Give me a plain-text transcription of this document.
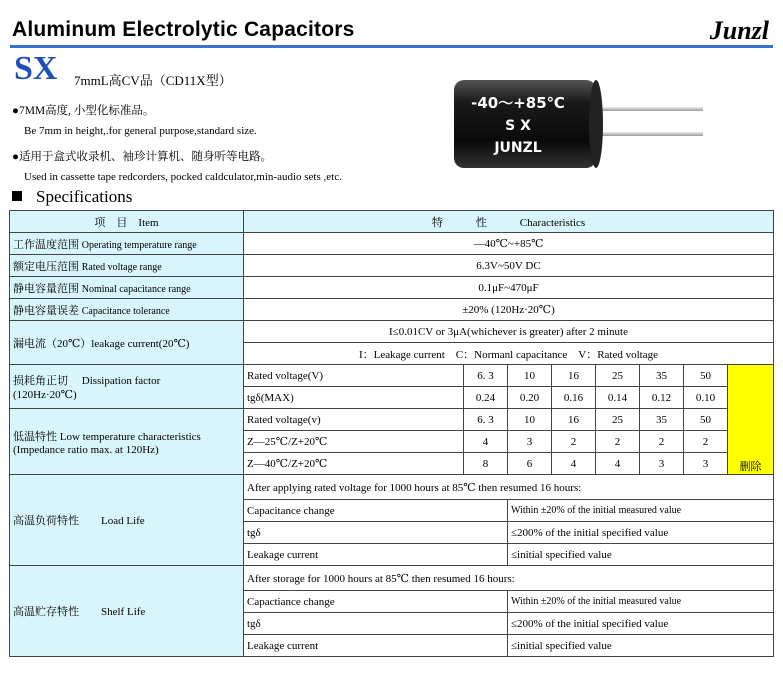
Aluminum Electrolytic Capacitors	Junzl
SX 7mmL高CV品（CD11X型）
●7MM高度, 小型化标准品。
Be 7mm in height,.for general purpose,standard size.
●适用于盒式收录机、袖珍计算机、随身听等电路。
Used in cassette tape redcorders, pocked caldculator,min-audio sets ,etc.
-40～+85℃
S X
JUNZL
Specifications
项　目　Item	特　　　性　　　Characteristics							
工作温度范围 Operating temperature range	—40℃~+85℃							
额定电压范围 Rated voltage range	6.3V~50V DC							
静电容量范围 Nominal capacitance range	0.1μF~470μF							
静电容量误差 Capacitance tolerance	±20% (120Hz·20℃)							
漏电流（20℃）leakage current(20℃)	I≤0.01CV or 3μA(whichever is greater) after 2 minute							
	I：Leakage current　C：Normanl capacitance　V：Rated voltage							
损耗角正切　 Dissipation factor
(120Hz·20℃)	Rated voltage(V)	6. 3	10	16	25	35	50	删除
	tgδ(MAX)	0.24	0.20	0.16	0.14	0.12	0.10	
低温特性 Low temperature characteristics
(Impedance ratio max. at 120Hz)	Rated voltage(v)	6. 3	10	16	25	35	50	
	Z—25℃/Z+20℃	4	3	2	2	2	2	
	Z—40℃/Z+20℃	8	6	4	4	3	3	
高温负荷特性　　Load Life	After applying rated voltage for 1000 hours at 85℃ then resumed 16 hours:							
	Capacitance change		Within ±20% of the initial measured value					
	tgδ		≤200% of the initial specified value					
	Leakage current		≤initial specified value					
高温贮存特性　　Shelf Life	After storage for 1000 hours at 85℃ then resumed 16 hours:							
	Capactiance change		Within ±20% of the initial measured value					
	tgδ		≤200% of the initial specified value					
	Leakage current		≤initial specified value					
